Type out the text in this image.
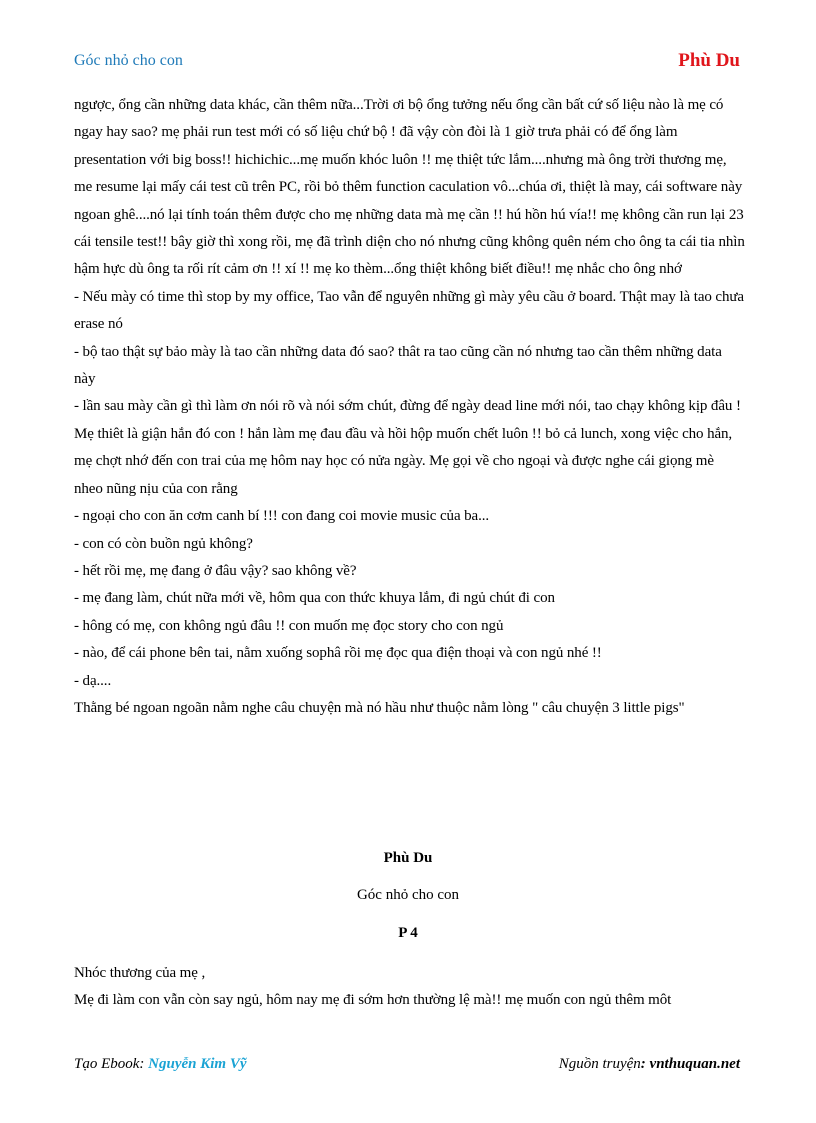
Góc nhỏ cho con	Phù Du

ngược, ổng cần những data khác, cần thêm nữa...Trời ơi bộ ổng tưởng nếu ổng cần bất cứ số liệu nào là mẹ có ngay hay sao? mẹ phải run test mới có số liệu chứ bộ ! đã vậy còn đòi là 1 giờ trưa phải có để ổng làm presentation với big boss!! hichichic...mẹ muốn khóc luôn !! mẹ thiệt tức lắm....nhưng mà ông trời thương mẹ, me resume lại mấy cái test cũ trên PC, rồi bỏ thêm function caculation vô...chúa ơi, thiệt là may, cái software này ngoan ghê....nó lại tính toán thêm được cho mẹ những data mà mẹ cần !! hú hồn hú vía!! mẹ không cần run lại 23 cái tensile test!! bây giờ thì xong rồi, mẹ đã trình diện cho nó nhưng cũng không quên ném cho ông ta cái tia nhìn hậm hực dù ông ta rối rít cảm ơn !! xí !! mẹ ko thèm...ổng thiệt không biết điều!! mẹ nhắc cho ông nhớ

- Nếu mày có time thì stop by my office, Tao vẫn để nguyên những gì mày yêu cầu ở board. Thật may là tao chưa erase nó

- bộ tao thật sự bảo mày là tao cần những data đó sao? thât ra tao cũng cần nó nhưng tao cần thêm những data này

- lần sau mày cần gì thì làm ơn nói rõ và nói sớm chút, đừng để ngày dead line mới nói, tao chạy không kịp đâu !

Mẹ thiêt là giận hắn đó con ! hắn làm mẹ đau đầu và hồi hộp muốn chết luôn !! bỏ cả lunch, xong việc cho hắn, mẹ chợt nhớ đến con trai của mẹ hôm nay học có nửa ngày. Mẹ gọi về cho ngoại và được nghe cái giọng mè nheo nũng nịu của con rằng

- ngoại cho con ăn cơm canh bí !!! con đang coi movie music của ba...

- con có còn buồn ngủ không?

- hết rồi mẹ, mẹ đang ở đâu vậy? sao không về?

- mẹ đang làm, chút nữa mới về, hôm qua con thức khuya lắm, đi ngủ chút đi con

- hông có mẹ, con không ngủ đâu !! con muốn mẹ đọc story cho con ngủ

- nào, để cái phone bên tai, nằm xuống sophâ rồi mẹ đọc qua điện thoại và con ngủ nhé !!

- dạ....

Thằng bé ngoan ngoãn nằm nghe câu chuyện mà nó hầu như thuộc nằm lòng " câu chuyện 3 little pigs"

Phù Du
Góc nhỏ cho con
P 4

Nhóc thương của mẹ ,

Mẹ đi làm con vẫn còn say ngủ, hôm nay mẹ đi sớm hơn thường lệ mà!! mẹ muốn con ngủ thêm môt

Tạo Ebook: Nguyễn Kim Vỹ	Nguồn truyện: vnthuquan.net
